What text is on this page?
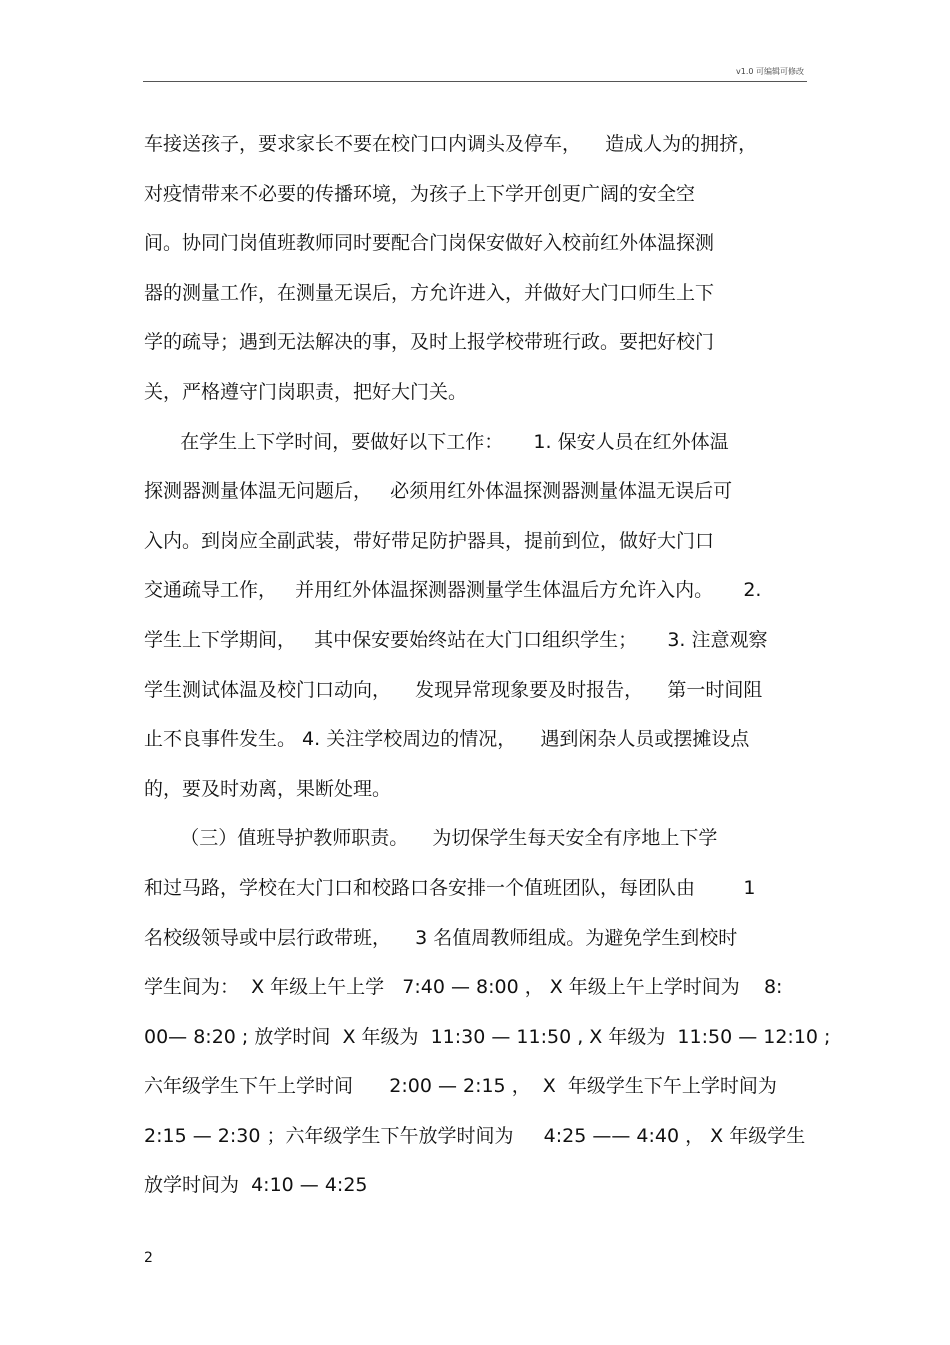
v1.0 可编辑可修改
车接送孩子，要求家长不要在校门口内调头及停车，    造成人为的拥挤，
对疫情带来不必要的传播环境，为孩子上下学开创更广阔的安全空
间。协同门岗值班教师同时要配合门岗保安做好入校前红外体温探测
器的测量工作，在测量无误后，方允许进入，并做好大门口师生上下
学的疏导；遇到无法解决的事，及时上报学校带班行政。要把好校门
关，严格遵守门岗职责，把好大门关。
在学生上下学时间，要做好以下工作：     1. 保安人员在红外体温
探测器测量体温无问题后，   必须用红外体温探测器测量体温无误后可
入内。到岗应全副武装，带好带足防护器具，提前到位，做好大门口
交通疏导工作，   并用红外体温探测器测量学生体温后方允许入内。     2.
学生上下学期间，   其中保安要始终站在大门口组织学生；     3. 注意观察
学生测试体温及校门口动向，    发现异常现象要及时报告，    第一时间阻
止不良事件发生。 4. 关注学校周边的情况，    遇到闲杂人员或摆摊设点
的，要及时劝离，果断处理。
（三）值班导护教师职责。    为切保学生每天安全有序地上下学
和过马路，学校在大门口和校路口各安排一个值班团队，每团队由        1
名校级领导或中层行政带班，    3 名值周教师组成。为避免学生到校时
学生间为：  X 年级上午上学   7:40 — 8:00 ， X 年级上午上学时间为    8:
00— 8:20 ; 放学时间  X 年级为  11:30 — 11:50 , X 年级为  11:50 — 12:10 ;
六年级学生下午上学时间      2:00 — 2:15 ，  X  年级学生下午上学时间为
2:15 — 2:30 ；六年级学生下午放学时间为     4:25 —— 4:40 ， X 年级学生
放学时间为  4:10 — 4:25
2
